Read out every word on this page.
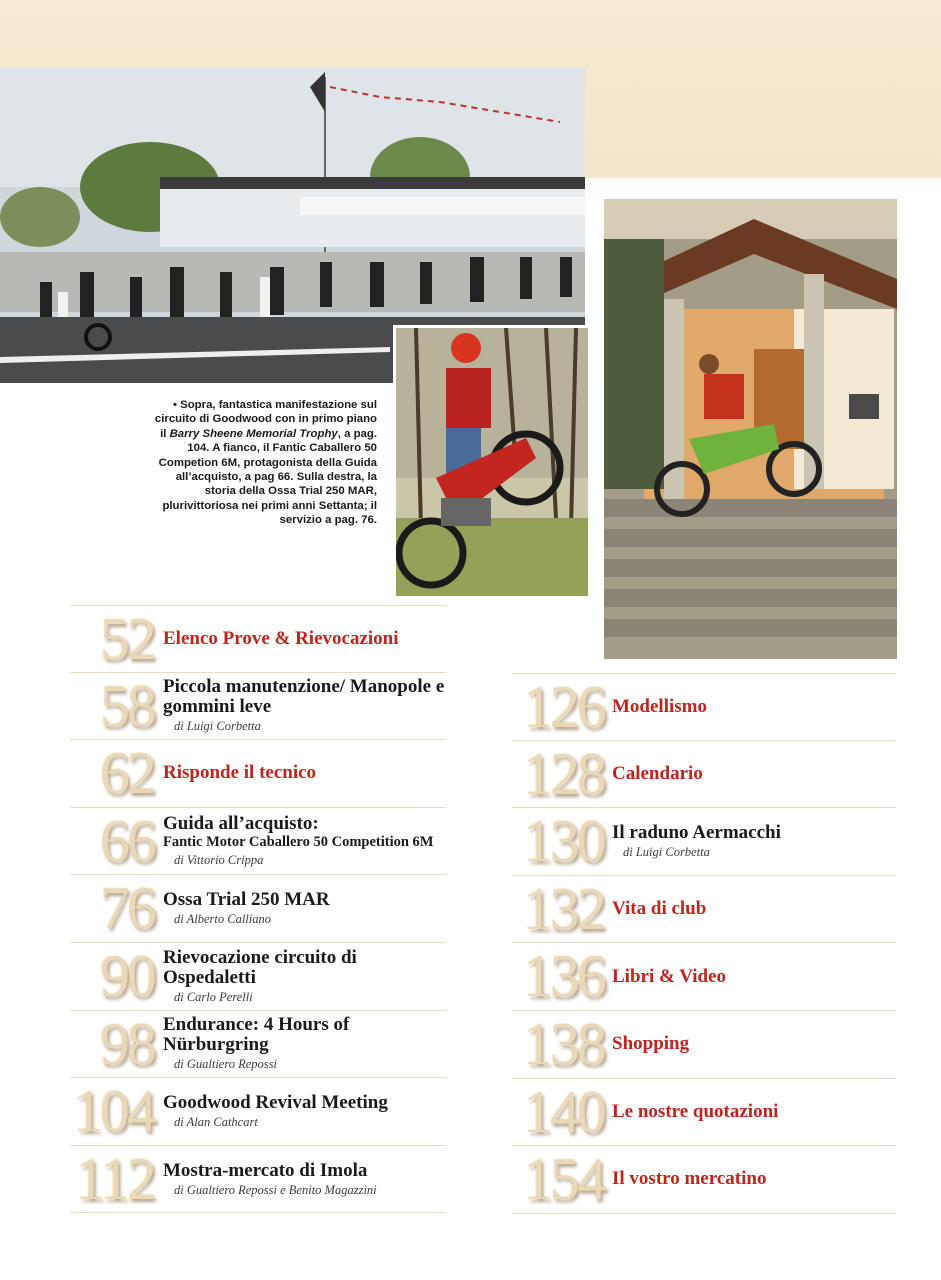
• Sopra, fantastica manifestazione sul circuito di Goodwood con in primo piano il Barry Sheene Memorial Trophy, a pag. 104. A fianco, il Fantic Caballero 50 Competion 6M, protagonista della Guida all’acquisto, a pag 66. Sulla destra, la storia della Ossa Trial 250 MAR, plurivittoriosa nei primi anni Settanta; il servizio a pag. 76.
52 Elenco Prove & Rievocazioni
58 Piccola manutenzione/ Manopole e gommini leve
di Luigi Corbetta
62 Risponde il tecnico
66 Guida all’acquisto:
Fantic Motor Caballero 50 Competition 6M
di Vittorio Crippa
76 Ossa Trial 250 MAR
di Alberto Calliano
90 Rievocazione circuito di Ospedaletti
di Carlo Perelli
98 Endurance: 4 Hours of Nürburgring
di Gualtiero Repossi
104 Goodwood Revival Meeting
di Alan Cathcart
112 Mostra-mercato di Imola
di Gualtiero Repossi e Benito Magazzini
126 Modellismo
128 Calendario
130 Il raduno Aermacchi
di Luigi Corbetta
132 Vita di club
136 Libri & Video
138 Shopping
140 Le nostre quotazioni
154 Il vostro mercatino
